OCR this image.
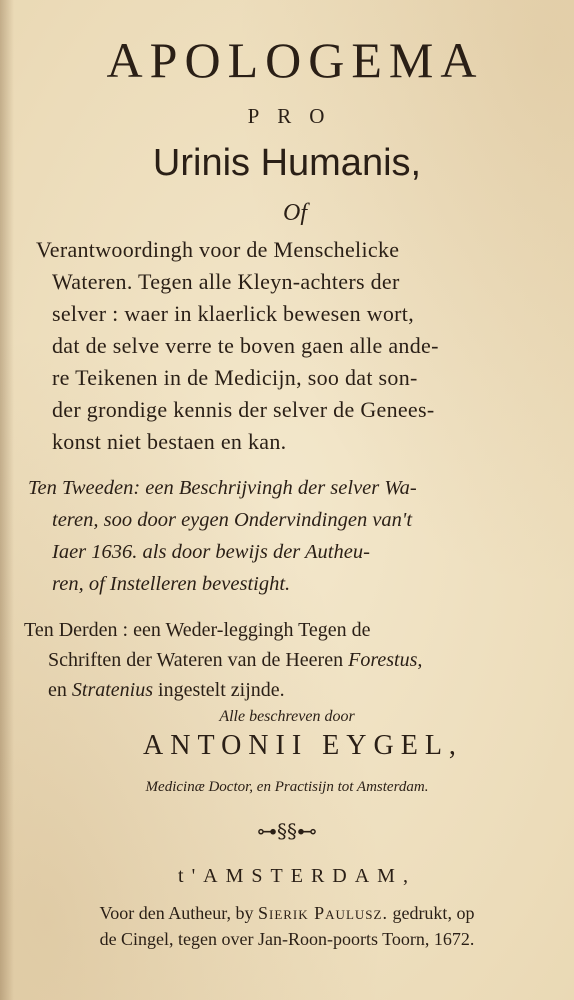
APOLOGEMA
PRO
Urinis Humanis,
Of
Verantwoordingh voor de Menschelicke
Wateren. Tegen alle Kleyn-achters der
selver : waer in klaerlick bewesen wort,
dat de selve verre te boven gaen alle ande-
re Teikenen in de Medicijn, soo dat son-
der grondige kennis der selver de Genees-
konst niet bestaen en kan.
Ten Tweeden: een Beschrijvingh der selver Wa-
teren, soo door eygen Ondervindingen van't
Iaer 1636. als door bewijs der Autheu-
ren, of Instelleren bevestight.
Ten Derden : een Weder-leggingh Tegen de
Schriften der Wateren van de Heeren Forestus,
en Stratenius ingestelt zijnde.
Alle beschreven door
ANTONII EYGEL,
Medicinæ Doctor, en Practisijn tot Amsterdam.
⊶§§⊷
t'AMSTERDAM,
Voor den Autheur, by Sierik Paulusz. gedrukt, op
de Cingel, tegen over Jan-Roon-poorts Toorn, 1672.
